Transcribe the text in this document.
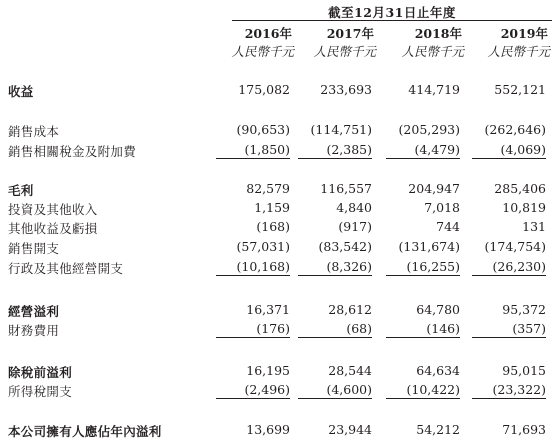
截至12月31日止年度
2016年	2017年	2018年	2019年
人民幣千元	人民幣千元	人民幣千元	人民幣千元
收益	175,082	233,693	414,719	552,121
銷售成本	(90,653)	(114,751)	(205,293)	(262,646)
銷售相關稅金及附加費	(1,850)	(2,385)	(4,479)	(4,069)
毛利	82,579	116,557	204,947	285,406
投資及其他收入	1,159	4,840	7,018	10,819
其他收益及虧損	(168)	(917)	744	131
銷售開支	(57,031)	(83,542)	(131,674)	(174,754)
行政及其他經營開支	(10,168)	(8,326)	(16,255)	(26,230)
經營溢利	16,371	28,612	64,780	95,372
財務費用	(176)	(68)	(146)	(357)
除稅前溢利	16,195	28,544	64,634	95,015
所得稅開支	(2,496)	(4,600)	(10,422)	(23,322)
本公司擁有人應佔年內溢利	13,699	23,944	54,212	71,693
